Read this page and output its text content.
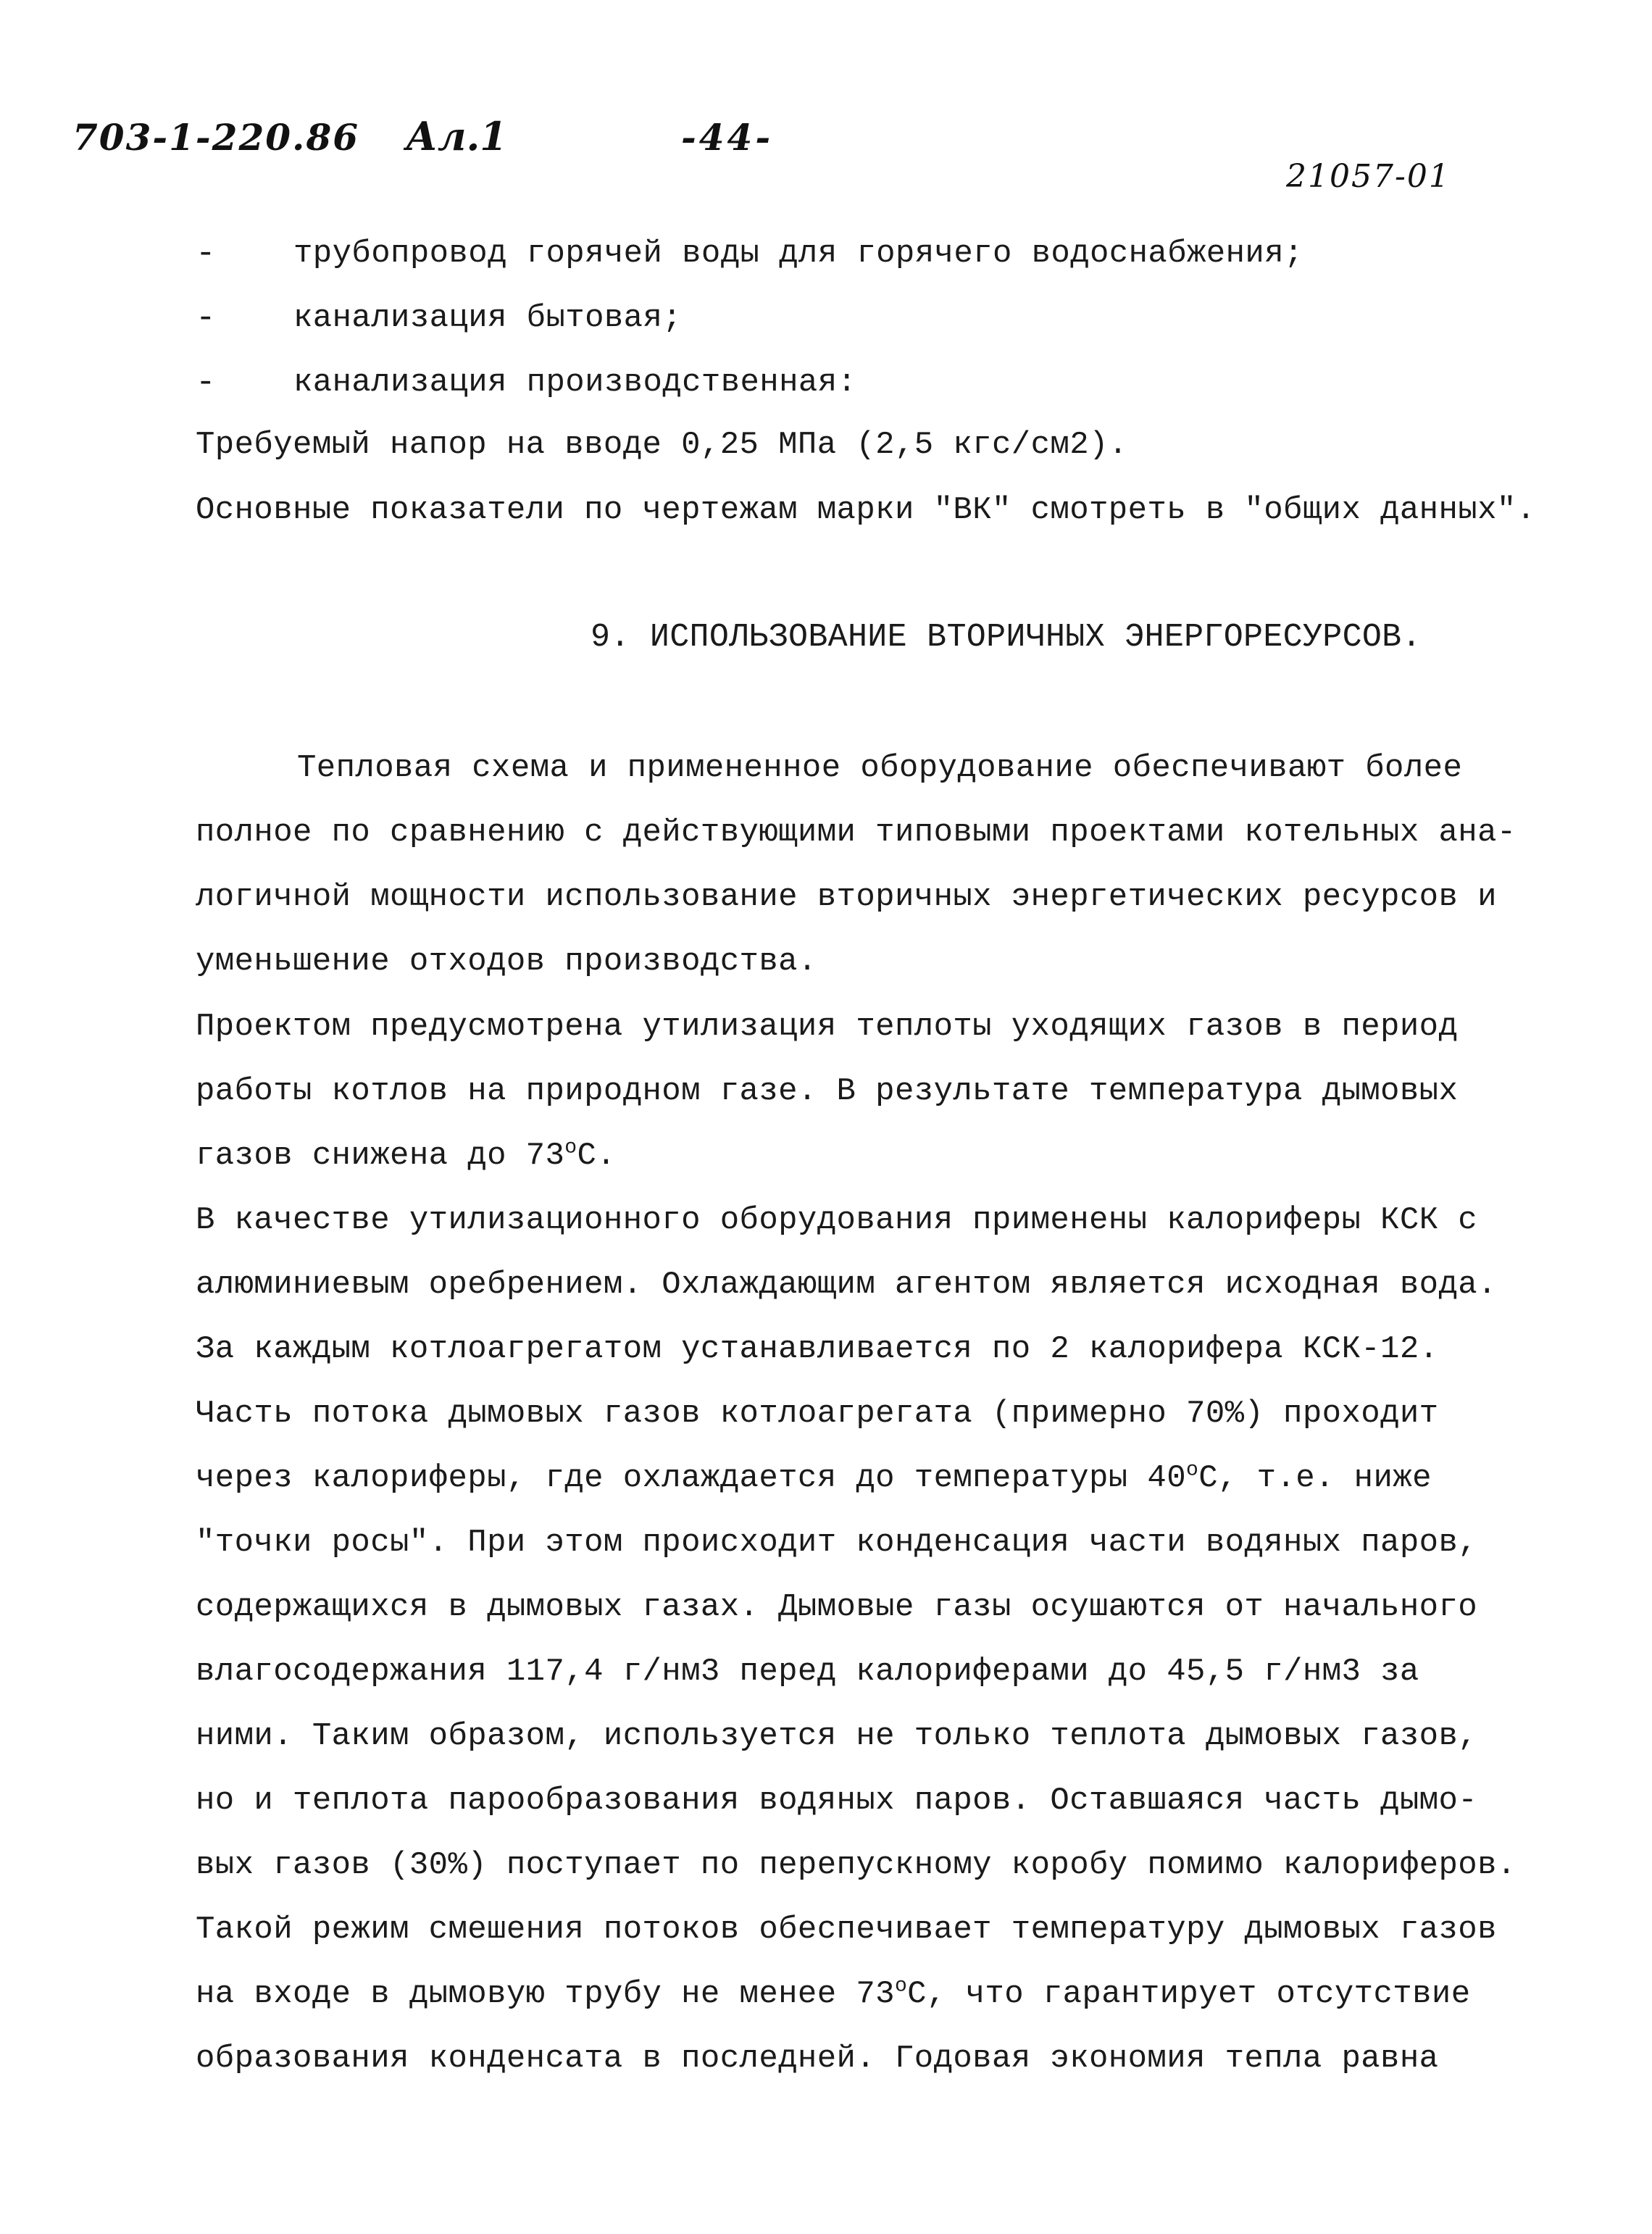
703-1-220.86 Ал.1	-44-
21057-01
- трубопровод горячей воды для горячего водоснабжения;
- канализация бытовая;
- канализация производственная:
Требуемый напор на вводе 0,25 МПа (2,5 кгс/см2).
Основные показатели по чертежам марки "ВК" смотреть в "общих данных".
9. ИСПОЛЬЗОВАНИЕ ВТОРИЧНЫХ ЭНЕРГОРЕСУРСОВ.
Тепловая схема и примененное оборудование обеспечивают более
полное по сравнению с действующими типовыми проектами котельных ана-
логичной мощности использование вторичных энергетических ресурсов и
уменьшение отходов производства.
Проектом предусмотрена утилизация теплоты уходящих газов в период
работы котлов на природном газе. В результате температура дымовых
газов снижена до 73$^o$С.
В качестве утилизационного оборудования применены калориферы КСК с
алюминиевым оребрением. Охлаждающим агентом является исходная вода.
За каждым котлоагрегатом устанавливается по 2 калорифера КСК-12.
Часть потока дымовых газов котлоагрегата (примерно 70%) проходит
через калориферы, где охлаждается до температуры 40$^o$С, т.е. ниже
"точки росы". При этом происходит конденсация части водяных паров,
содержащихся в дымовых газах. Дымовые газы осушаются от начального
влагосодержания 117,4 г/нм3 перед калориферами до 45,5 г/нм3 за
ними. Таким образом, используется не только теплота дымовых газов,
но и теплота парообразования водяных паров. Оставшаяся часть дымо-
вых газов (30%) поступает по перепускному коробу помимо калориферов.
Такой режим смешения потоков обеспечивает температуру дымовых газов
на входе в дымовую трубу не менее 73$^o$С, что гарантирует отсутствие
образования конденсата в последней. Годовая экономия тепла равна
